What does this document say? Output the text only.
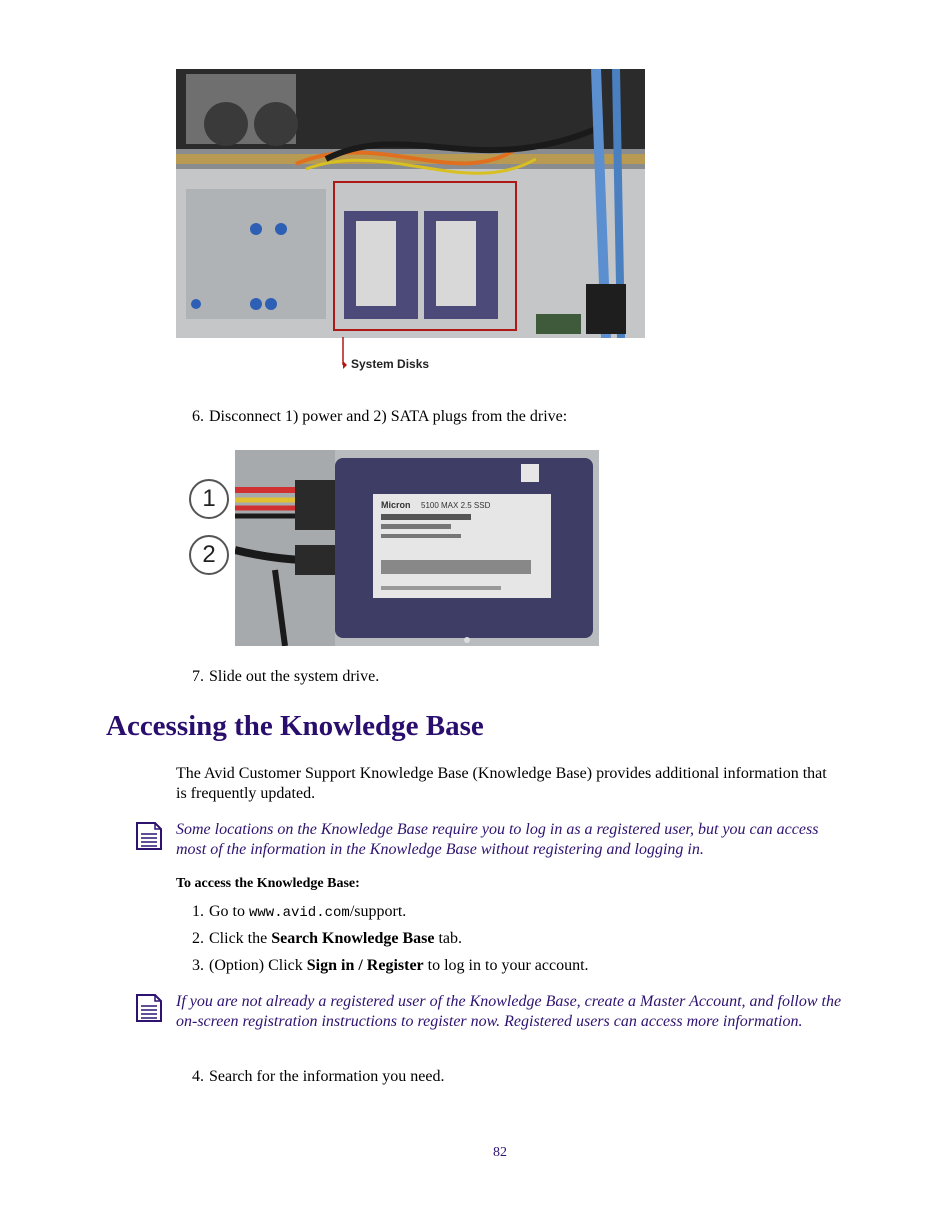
System Disks
6. Disconnect 1) power and 2) SATA plugs from the drive:
1
2
Micron 5100 MAX 2.5 SSD
7. Slide out the system drive.
Accessing the Knowledge Base
The Avid Customer Support Knowledge Base (Knowledge Base) provides additional information that is frequently updated.
Some locations on the Knowledge Base require you to log in as a registered user, but you can access most of the information in the Knowledge Base without registering and logging in.
To access the Knowledge Base:
1. Go to www.avid.com/support.
2. Click the Search Knowledge Base tab.
3. (Option) Click Sign in / Register to log in to your account.
If you are not already a registered user of the Knowledge Base, create a Master Account, and follow the on-screen registration instructions to register now. Registered users can access more information.
4. Search for the information you need.
82
